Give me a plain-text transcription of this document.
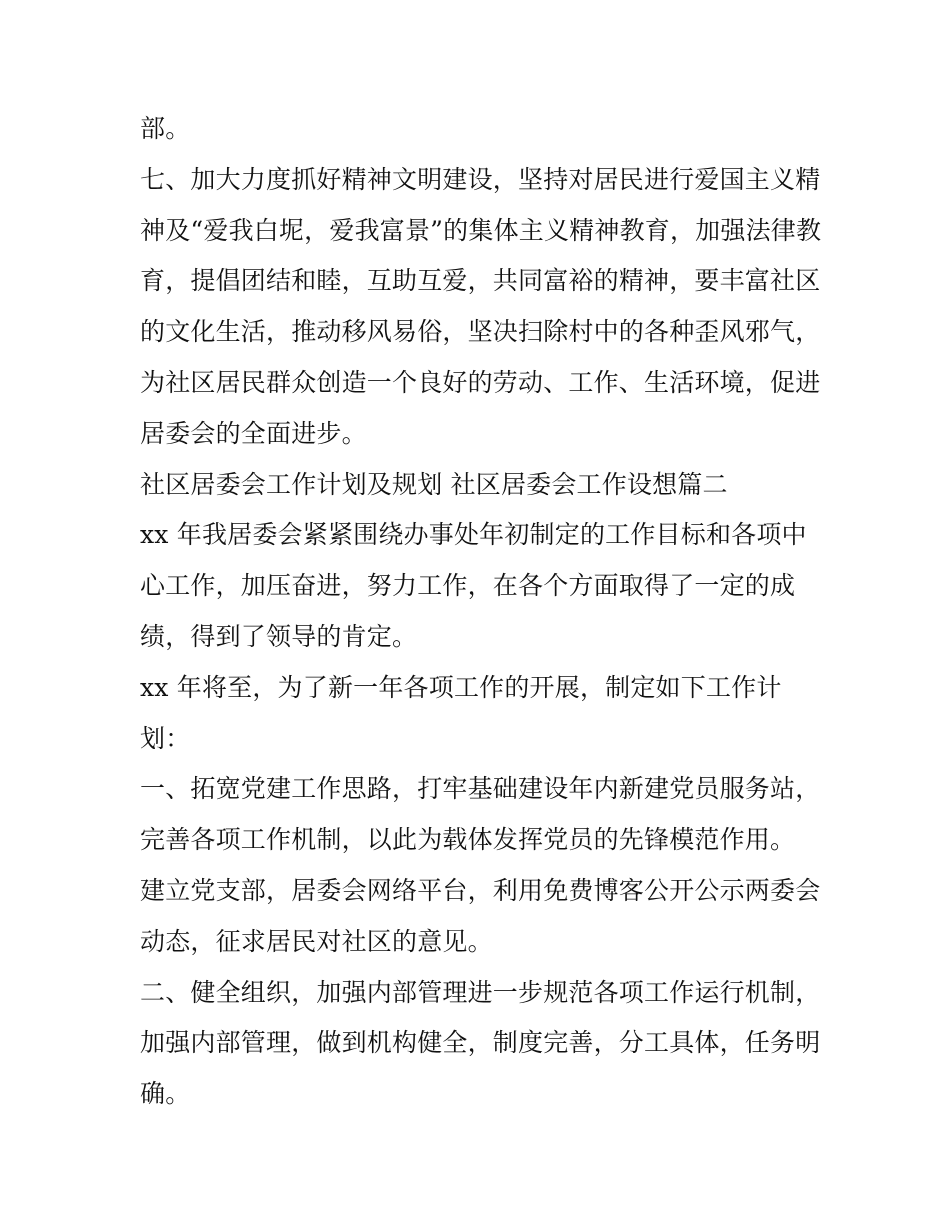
部。
七、加大力度抓好精神文明建设，坚持对居民进行爱国主义精
神及“爱我白坭，爱我富景”的集体主义精神教育，加强法律教
育，提倡团结和睦，互助互爱，共同富裕的精神，要丰富社区
的文化生活，推动移风易俗，坚决扫除村中的各种歪风邪气，
为社区居民群众创造一个良好的劳动、工作、生活环境，促进
居委会的全面进步。
社区居委会工作计划及规划 社区居委会工作设想篇二
xx 年我居委会紧紧围绕办事处年初制定的工作目标和各项中
心工作，加压奋进，努力工作，在各个方面取得了一定的成
绩，得到了领导的肯定。
xx 年将至，为了新一年各项工作的开展，制定如下工作计
划：
一、拓宽党建工作思路，打牢基础建设年内新建党员服务站，
完善各项工作机制，以此为载体发挥党员的先锋模范作用。
建立党支部，居委会网络平台，利用免费博客公开公示两委会
动态，征求居民对社区的意见。
二、健全组织，加强内部管理进一步规范各项工作运行机制，
加强内部管理，做到机构健全，制度完善，分工具体，任务明
确。
